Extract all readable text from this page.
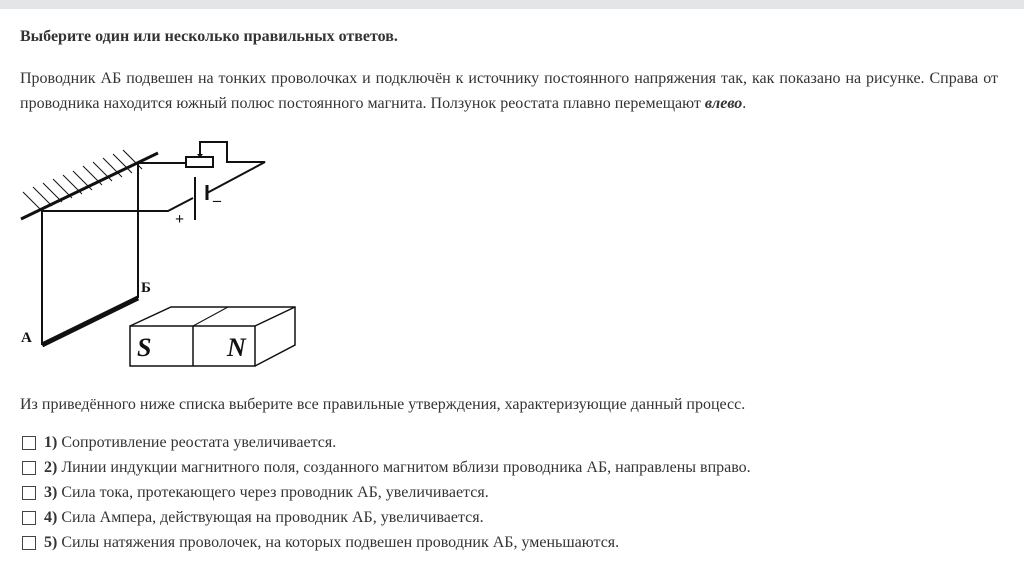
Выберите один или несколько правильных ответов.
Проводник АБ подвешен на тонких проволочках и подключён к источнику постоянного напряжения так, как показано на рисунке. Справа от проводника находится южный полюс постоянного магнита. Ползунок реостата плавно перемещают влево.
А
Б
+
–
S	N
Из приведённого ниже списка выберите все правильные утверждения, характеризующие данный процесс.
1) Сопротивление реостата увеличивается.
2) Линии индукции магнитного поля, созданного магнитом вблизи проводника АБ, направлены вправо.
3) Сила тока, протекающего через проводник АБ, увеличивается.
4) Сила Ампера, действующая на проводник АБ, увеличивается.
5) Силы натяжения проволочек, на которых подвешен проводник АБ, уменьшаются.
